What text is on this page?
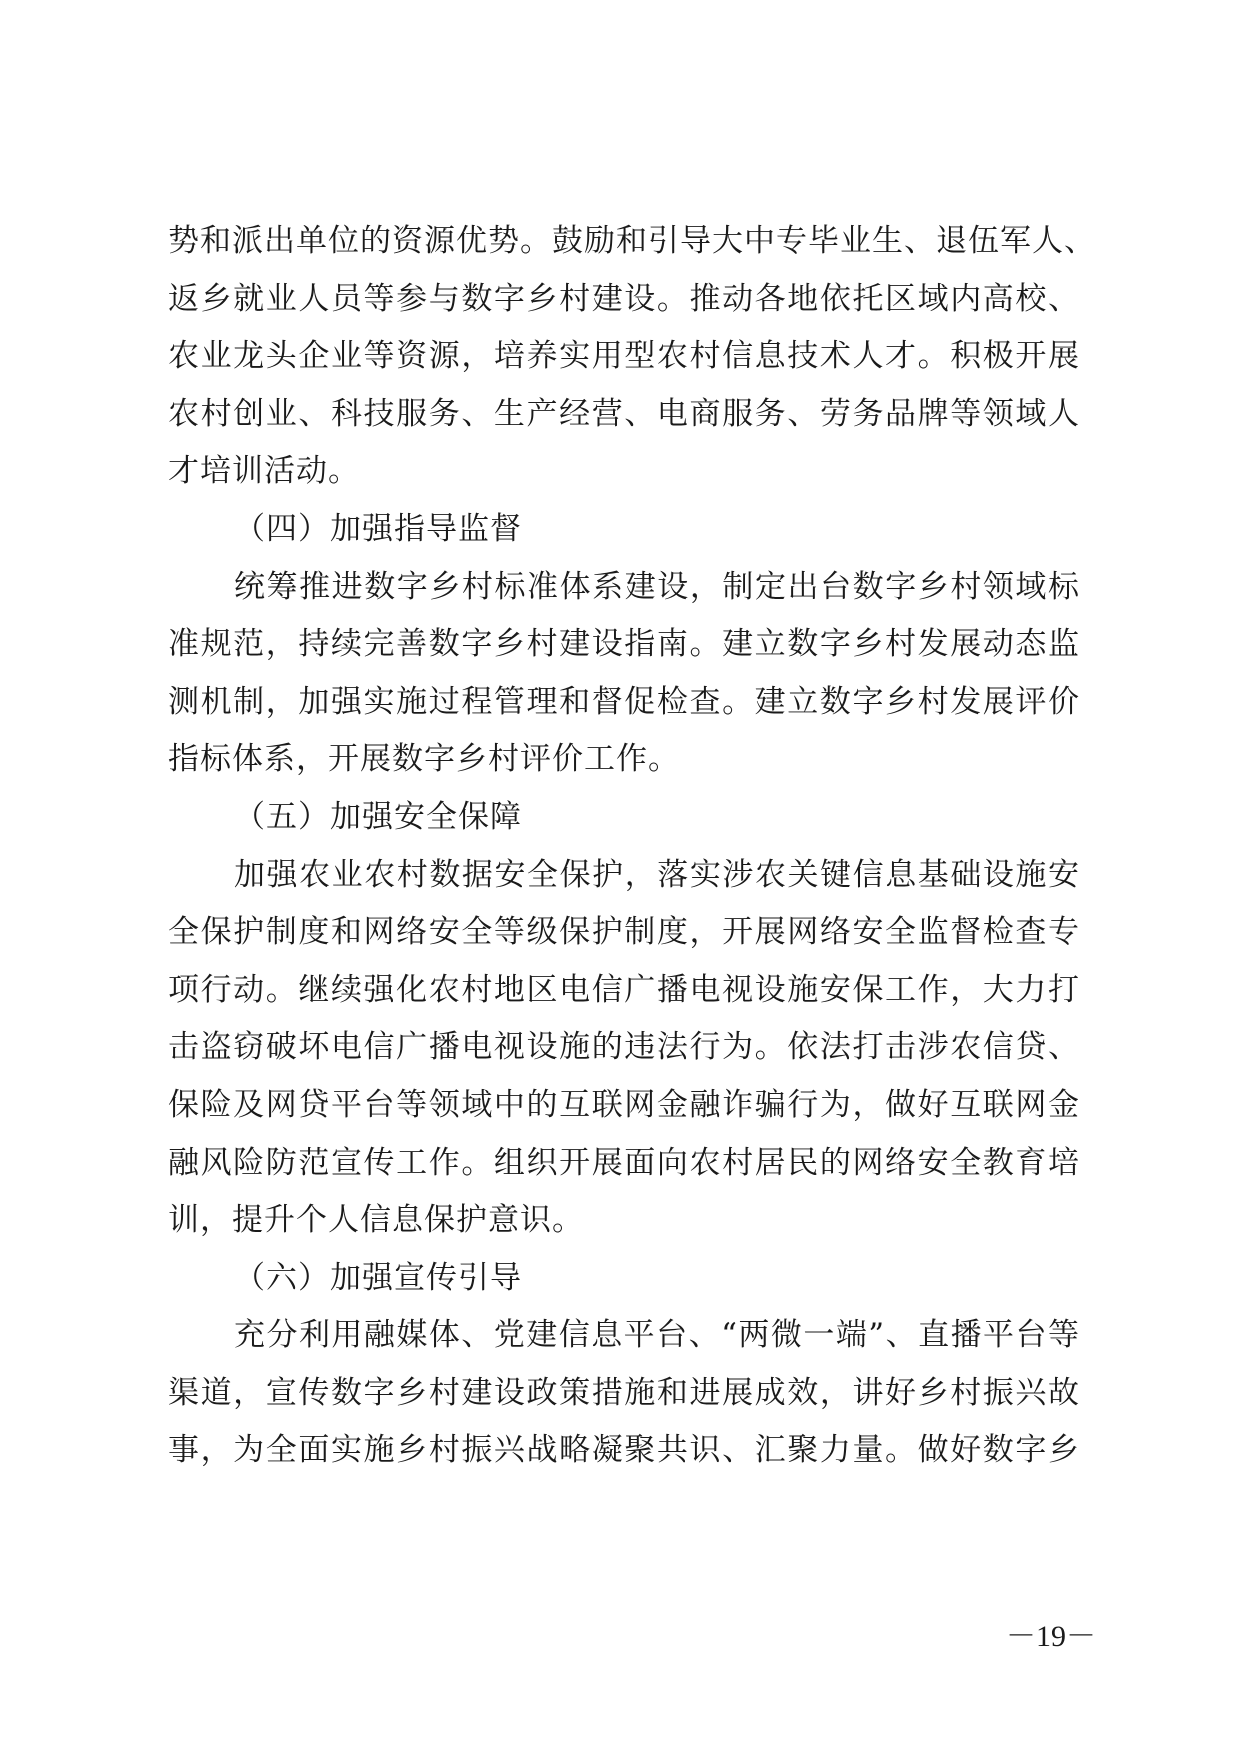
势和派出单位的资源优势。鼓励和引导大中专毕业生、退伍军人、
返乡就业人员等参与数字乡村建设。推动各地依托区域内高校、
农业龙头企业等资源，培养实用型农村信息技术人才。积极开展
农村创业、科技服务、生产经营、电商服务、劳务品牌等领域人
才培训活动。
（四）加强指导监督
统筹推进数字乡村标准体系建设，制定出台数字乡村领域标
准规范，持续完善数字乡村建设指南。建立数字乡村发展动态监
测机制，加强实施过程管理和督促检查。建立数字乡村发展评价
指标体系，开展数字乡村评价工作。
（五）加强安全保障
加强农业农村数据安全保护，落实涉农关键信息基础设施安
全保护制度和网络安全等级保护制度，开展网络安全监督检查专
项行动。继续强化农村地区电信广播电视设施安保工作，大力打
击盗窃破坏电信广播电视设施的违法行为。依法打击涉农信贷、
保险及网贷平台等领域中的互联网金融诈骗行为，做好互联网金
融风险防范宣传工作。组织开展面向农村居民的网络安全教育培
训，提升个人信息保护意识。
（六）加强宣传引导
充分利用融媒体、党建信息平台、“两微一端”、直播平台等
渠道，宣传数字乡村建设政策措施和进展成效，讲好乡村振兴故
事，为全面实施乡村振兴战略凝聚共识、汇聚力量。做好数字乡
－19－
